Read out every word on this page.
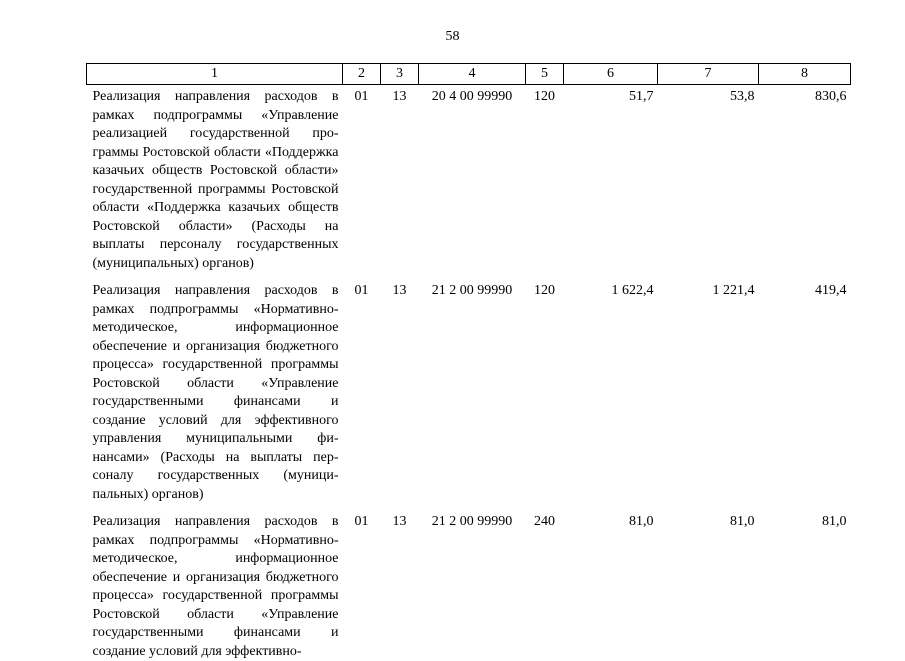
58
1	2	3	4	5	6	7	8
Реализация направления расходов в рамках подпрограммы «Управление реализацией государственной программы Ростовской области «Поддержка казачьих обществ Ростовской области» государственной программы Ростовской области «Поддержка казачьих обществ Ростовской области» (Расходы на выплаты персоналу государственных (муниципальных) органов)	01	13	20 4 00 99990	120	51,7	53,8	830,6
Реализация направления расходов в рамках подпрограммы «Нормативно-методическое, информационное обеспечение и организация бюджетного процесса» государственной программы Ростовской области «Управление государственными финансами и создание условий для эффективного управления муниципальными финансами» (Расходы на выплаты персоналу государственных (муниципальных) органов)	01	13	21 2 00 99990	120	1 622,4	1 221,4	419,4
Реализация направления расходов в рамках подпрограммы «Нормативно-методическое, информационное обеспечение и организация бюджетного процесса» государственной программы Ростовской области «Управление государственными финансами и создание условий для эффективно-	01	13	21 2 00 99990	240	81,0	81,0	81,0
